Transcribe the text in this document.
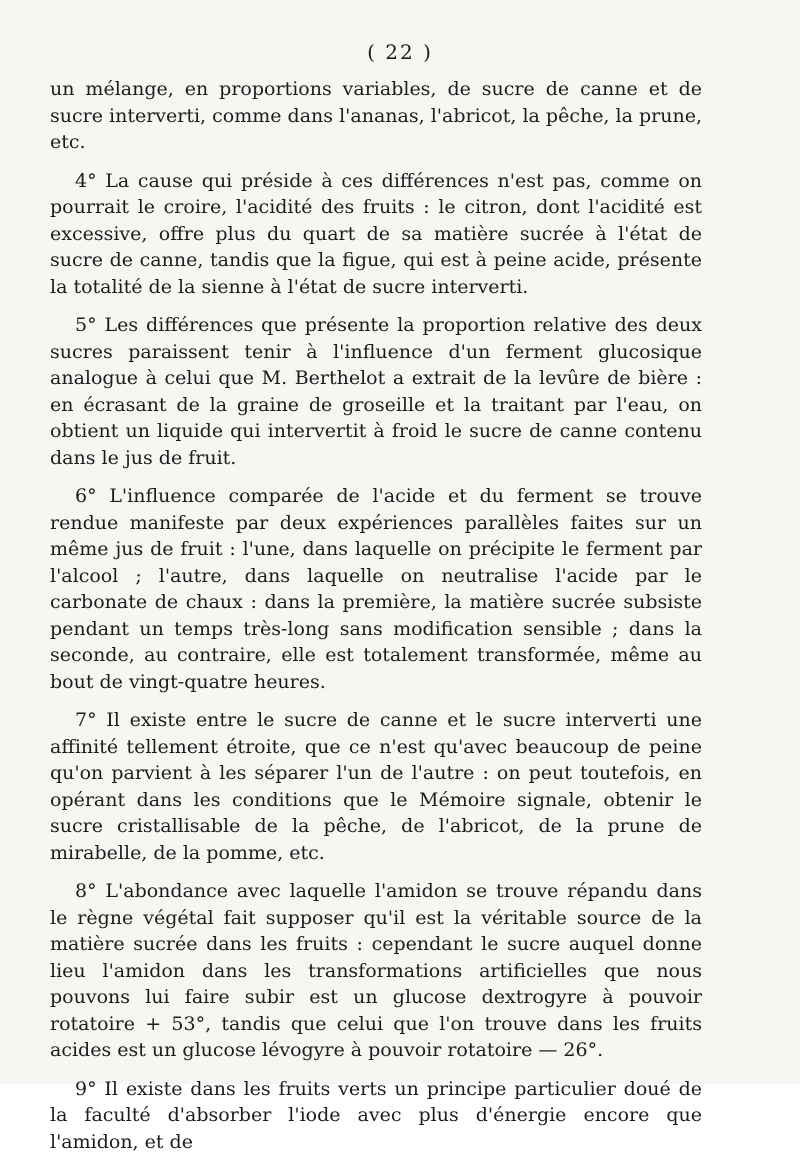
( 22 )

un mélange, en proportions variables, de sucre de canne et de sucre interverti, comme dans l'ananas, l'abricot, la pêche, la prune, etc.

4° La cause qui préside à ces différences n'est pas, comme on pourrait le croire, l'acidité des fruits : le citron, dont l'acidité est excessive, offre plus du quart de sa matière sucrée à l'état de sucre de canne, tandis que la figue, qui est à peine acide, présente la totalité de la sienne à l'état de sucre interverti.

5° Les différences que présente la proportion relative des deux sucres paraissent tenir à l'influence d'un ferment glucosique analogue à celui que M. Berthelot a extrait de la levûre de bière : en écrasant de la graine de groseille et la traitant par l'eau, on obtient un liquide qui intervertit à froid le sucre de canne contenu dans le jus de fruit.

6° L'influence comparée de l'acide et du ferment se trouve rendue manifeste par deux expériences parallèles faites sur un même jus de fruit : l'une, dans laquelle on précipite le ferment par l'alcool ; l'autre, dans laquelle on neutralise l'acide par le carbonate de chaux : dans la première, la matière sucrée subsiste pendant un temps très-long sans modification sensible ; dans la seconde, au contraire, elle est totalement transformée, même au bout de vingt-quatre heures.

7° Il existe entre le sucre de canne et le sucre interverti une affinité tellement étroite, que ce n'est qu'avec beaucoup de peine qu'on parvient à les séparer l'un de l'autre : on peut toutefois, en opérant dans les conditions que le Mémoire signale, obtenir le sucre cristallisable de la pêche, de l'abricot, de la prune de mirabelle, de la pomme, etc.

8° L'abondance avec laquelle l'amidon se trouve répandu dans le règne végétal fait supposer qu'il est la véritable source de la matière sucrée dans les fruits : cependant le sucre auquel donne lieu l'amidon dans les transformations artificielles que nous pouvons lui faire subir est un glucose dextrogyre à pouvoir rotatoire + 53°, tandis que celui que l'on trouve dans les fruits acides est un glucose lévogyre à pouvoir rotatoire — 26°.

9° Il existe dans les fruits verts un principe particulier doué de la faculté d'absorber l'iode avec plus d'énergie encore que l'amidon, et de
